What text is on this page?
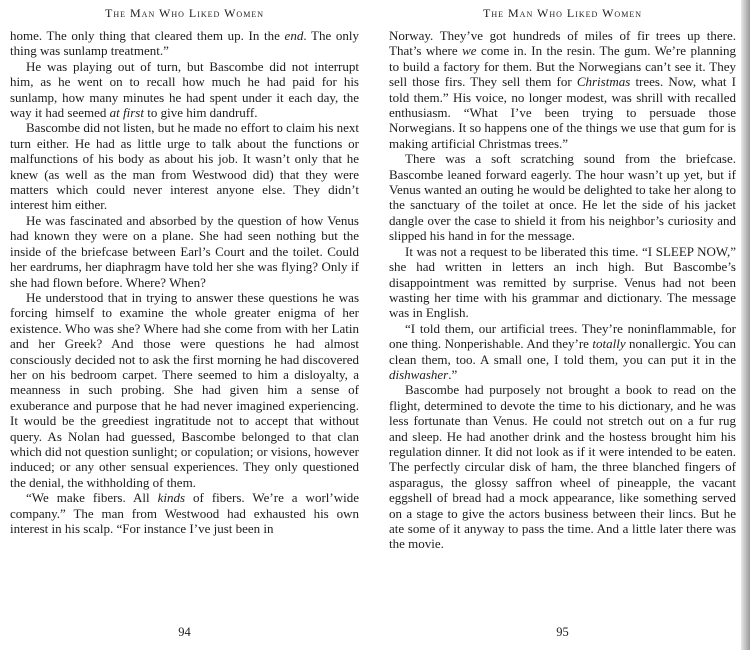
The Man Who Liked Women

home. The only thing that cleared them up. In the end. The only thing was sunlamp treatment.”

He was playing out of turn, but Bascombe did not interrupt him, as he went on to recall how much he had paid for his sunlamp, how many minutes he had spent under it each day, the way it had seemed at first to give him dandruff.

Bascombe did not listen, but he made no effort to claim his next turn either. He had as little urge to talk about the functions or malfunctions of his body as about his job. It wasn’t only that he knew (as well as the man from Westwood did) that they were matters which could never interest anyone else. They didn’t interest him either.

He was fascinated and absorbed by the question of how Venus had known they were on a plane. She had seen nothing but the inside of the briefcase between Earl’s Court and the toilet. Could her eardrums, her diaphragm have told her she was flying? Only if she had flown before. Where? When?

He understood that in trying to answer these questions he was forcing himself to examine the whole greater enigma of her existence. Who was she? Where had she come from with her Latin and her Greek? And those were questions he had almost consciously decided not to ask the first morning he had discovered her on his bedroom carpet. There seemed to him a disloyalty, a meanness in such probing. She had given him a sense of exuberance and purpose that he had never imagined experiencing. It would be the greediest ingratitude not to accept that without query. As Nolan had guessed, Bascombe belonged to that clan which did not question sunlight; or copulation; or visions, however induced; or any other sensual experiences. They only questioned the denial, the withholding of them.

“We make fibers. All kinds of fibers. We’re a worl’wide company.” The man from Westwood had exhausted his own interest in his scalp. “For instance I’ve just been in

94
The Man Who Liked Women

Norway. They’ve got hundreds of miles of fir trees up there. That’s where we come in. In the resin. The gum. We’re planning to build a factory for them. But the Norwegians can’t see it. They sell those firs. They sell them for Christmas trees. Now, what I told them.” His voice, no longer modest, was shrill with recalled enthusiasm. “What I’ve been trying to persuade those Norwegians. It so happens one of the things we use that gum for is making artificial Christmas trees.”

There was a soft scratching sound from the briefcase. Bascombe leaned forward eagerly. The hour wasn’t up yet, but if Venus wanted an outing he would be delighted to take her along to the sanctuary of the toilet at once. He let the side of his jacket dangle over the case to shield it from his neighbor’s curiosity and slipped his hand in for the message.

It was not a request to be liberated this time. “I SLEEP NOW,” she had written in letters an inch high. But Bascombe’s disappointment was remitted by surprise. Venus had not been wasting her time with his grammar and dictionary. The message was in English.

“I told them, our artificial trees. They’re noninflammable, for one thing. Nonperishable. And they’re totally nonallergic. You can clean them, too. A small one, I told them, you can put it in the dishwasher.”

Bascombe had purposely not brought a book to read on the flight, determined to devote the time to his dictionary, and he was less fortunate than Venus. He could not stretch out on a fur rug and sleep. He had another drink and the hostess brought him his regulation dinner. It did not look as if it were intended to be eaten. The perfectly circular disk of ham, the three blanched fingers of asparagus, the glossy saffron wheel of pineapple, the vacant eggshell of bread had a mock appearance, like something served on a stage to give the actors business between their lincs. But he ate some of it anyway to pass the time. And a little later there was the movie.

95
